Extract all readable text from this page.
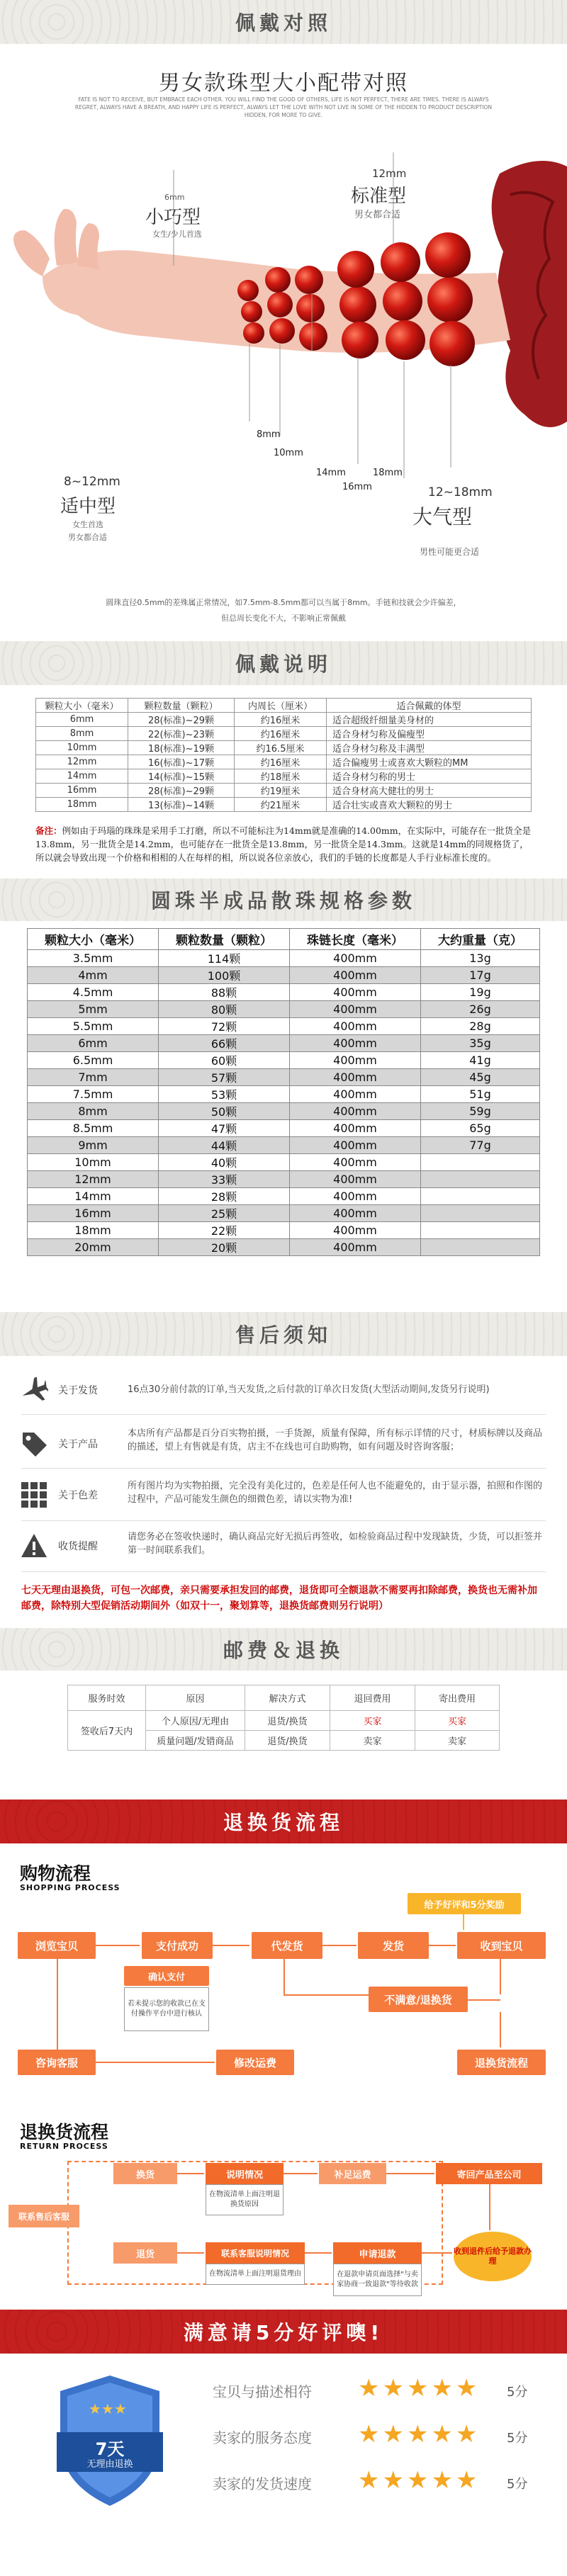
佩戴对照
男女款珠型大小配带对照
FATE IS NOT TO RECEIVE, BUT EMBRACE EACH OTHER. YOU WILL FIND THE GOOD OF OTHERS, LIFE IS NOT PERFECT, THERE ARE TIMES. THERE IS ALWAYS REGRET, ALWAYS HAVE A BREATH, AND HAPPY LIFE IS PERFECT, ALWAYS LET THE LOVE WITH NOT LIVE IN SOME OF THE HIDDEN TO PRODUCT DESCRIPTION HIDDEN, FOR MORE TO GIVE.
6mm
小巧型
女生/少儿首选
12mm
标准型
男女都合适
8mm
10mm
14mm
16mm
18mm
8~12mm
适中型
女生首选
男女都合适
12~18mm
大气型
男性可能更合适
圆珠直径0.5mm的差殊属正常情况，如7.5mm-8.5mm都可以当属于8mm。手链和技就会少许偏差，
但总周长变化不大，不影响正常佩戴
佩戴说明
颗粒大小（毫米）	颗粒数量（颗粒）	内周长（厘米）	适合佩戴的体型
6mm	28(标准)~29颗	约16厘米	适合超级纤细量美身材的
8mm	22(标准)~23颗	约16厘米	适合身材匀称及偏瘦型
10mm	18(标准)~19颗	约16.5厘米	适合身材匀称及丰满型
12mm	16(标准)~17颗	约16厘米	适合偏瘦男士或喜欢大颗粒的MM
14mm	14(标准)~15颗	约18厘米	适合身材匀称的男士
16mm	28(标准)~29颗	约19厘米	适合身材高大健壮的男士
18mm	13(标准)~14颗	约21厘米	适合壮实或喜欢大颗粒的男士
备注：例如由于玛瑙的珠珠是采用手工打磨，所以不可能标注为14mm就是准确的14.00mm，在实际中，可能存在一批货全是13.8mm，另一批货全是14.2mm，也可能存在一批货全是13.8mm，另一批货全是14.3mm。这就是14mm的同规格货了，所以就会导致出现一个价格和相相的人在每样的相，所以说各位亲放心，我们的手链的长度都是人手行业标准长度的。
圆珠半成品散珠规格参数
颗粒大小（毫米）	颗粒数量（颗粒）	珠链长度（毫米）	大约重量（克）
3.5mm	114颗	400mm	13g
4mm	100颗	400mm	17g
4.5mm	88颗	400mm	19g
5mm	80颗	400mm	26g
5.5mm	72颗	400mm	28g
6mm	66颗	400mm	35g
6.5mm	60颗	400mm	41g
7mm	57颗	400mm	45g
7.5mm	53颗	400mm	51g
8mm	50颗	400mm	59g
8.5mm	47颗	400mm	65g
9mm	44颗	400mm	77g
10mm	40颗	400mm	
12mm	33颗	400mm	
14mm	28颗	400mm	
16mm	25颗	400mm	
18mm	22颗	400mm	
20mm	20颗	400mm	
售后须知
关于发货	16点30分前付款的订单,当天发货,之后付款的订单次日发货(大型活动期间,发货另行说明)
关于产品
本店所有产品都是百分百实物拍摄，一手货源，质量有保障，所有标示详情的尺寸，材质标牌以及商品的描述，望上有售就是有货，店主不在线也可自助购物，如有问题及时咨询客服；
关于色差
所有图片均为实物拍摄，完全没有美化过的，色差是任何人也不能避免的，由于显示器，拍照和作图的过程中，产品可能发生颜色的细微色差，请以实物为准!
收货提醒
请您务必在签收快递时，确认商品完好无损后再签收，如检验商品过程中发现缺货，少货，可以拒签并第一时间联系我们。
七天无理由退换货，可包一次邮费，亲只需要承担发回的邮费，退货即可全额退款不需要再扣除邮费，换货也无需补加邮费，除特别大型促销活动期间外（如双十一，聚划算等，退换货邮费则另行说明）
邮费＆退换
服务时效	原因	解决方式	退回费用	寄出费用
签收后7天内	个人原因/无理由	退货/换货	买家	买家
	质量问题/发错商品	退货/换货	卖家	卖家
退换货流程
购物流程
SHOPPING PROCESS
给予好评和5分奖励
浏览宝贝	支付成功	代发货	发货	收到宝贝
确认支付
若未提示您的收款已在支付操作平台中进行核认
不满意/退换货
咨询客服	修改运费	退换货流程
退换货流程
RETURN PROCESS
联系售后客服
换货	说明情况
在物流清单上面注明退换货原因
补足运费	寄回产品至公司
退货	联系客服说明情况
在物流清单上面注明退货理由
申请退款
在退款申请页面选择"与卖家协商一致退款"等待收款
收到退件后给予退款办理
满意请5分好评噢!
★★★
7天
无理由退换
宝贝与描述相符 ★★★★★ 5分
卖家的服务态度 ★★★★★ 5分
卖家的发货速度 ★★★★★ 5分
